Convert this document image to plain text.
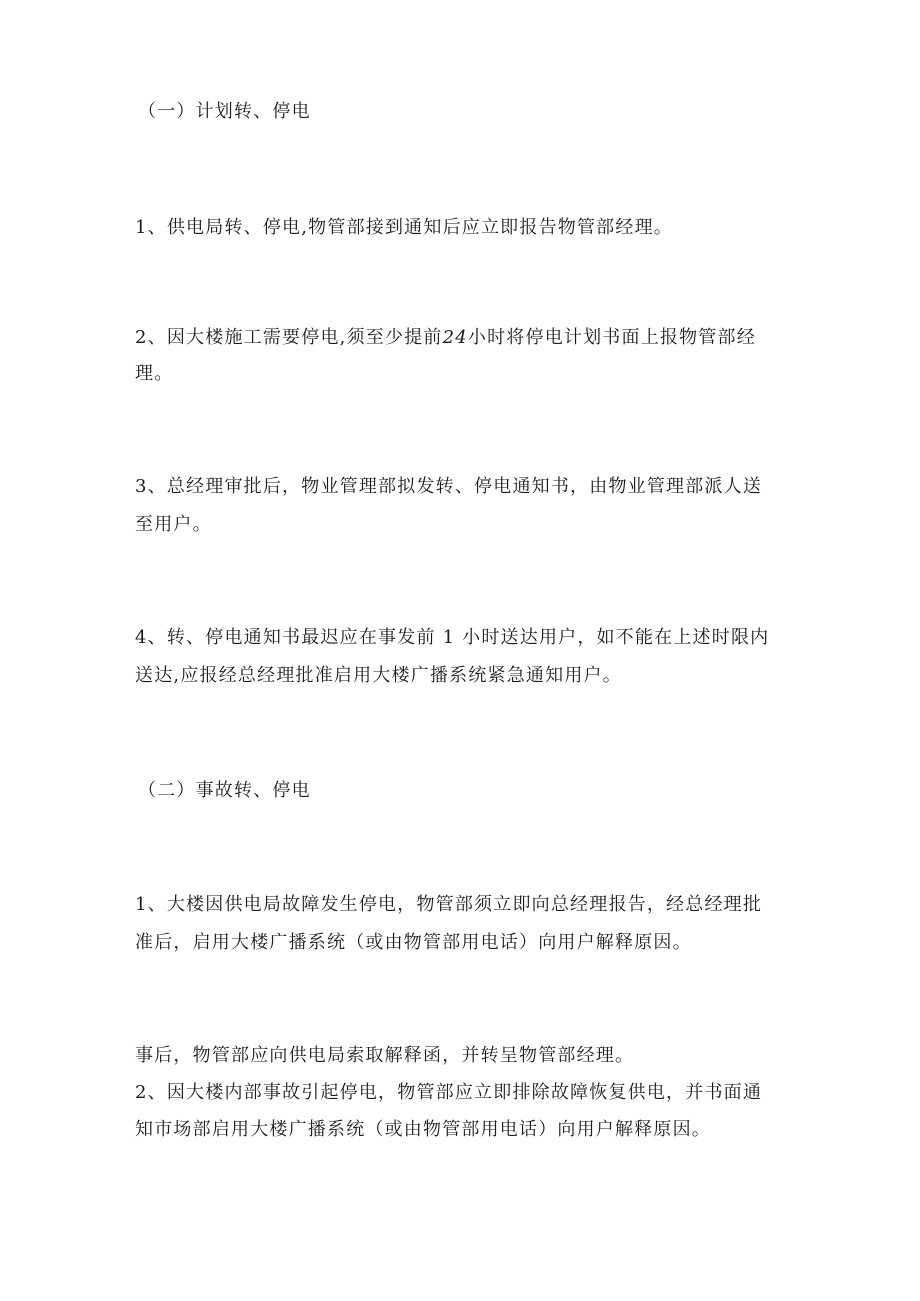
（一）计划转、停电
1、供电局转、停电,物管部接到通知后应立即报告物管部经理。
2、因大楼施工需要停电,须至少提前24小时将停电计划书面上报物管部经
理。
3、总经理审批后，物业管理部拟发转、停电通知书，由物业管理部派人送
至用户。
4、转、停电通知书最迟应在事发前 1 小时送达用户，如不能在上述时限内
送达,应报经总经理批准启用大楼广播系统紧急通知用户。
（二）事故转、停电
1、大楼因供电局故障发生停电，物管部须立即向总经理报告，经总经理批
准后，启用大楼广播系统（或由物管部用电话）向用户解释原因。
事后，物管部应向供电局索取解释函，并转呈物管部经理。
2、因大楼内部事故引起停电，物管部应立即排除故障恢复供电，并书面通
知市场部启用大楼广播系统（或由物管部用电话）向用户解释原因。
